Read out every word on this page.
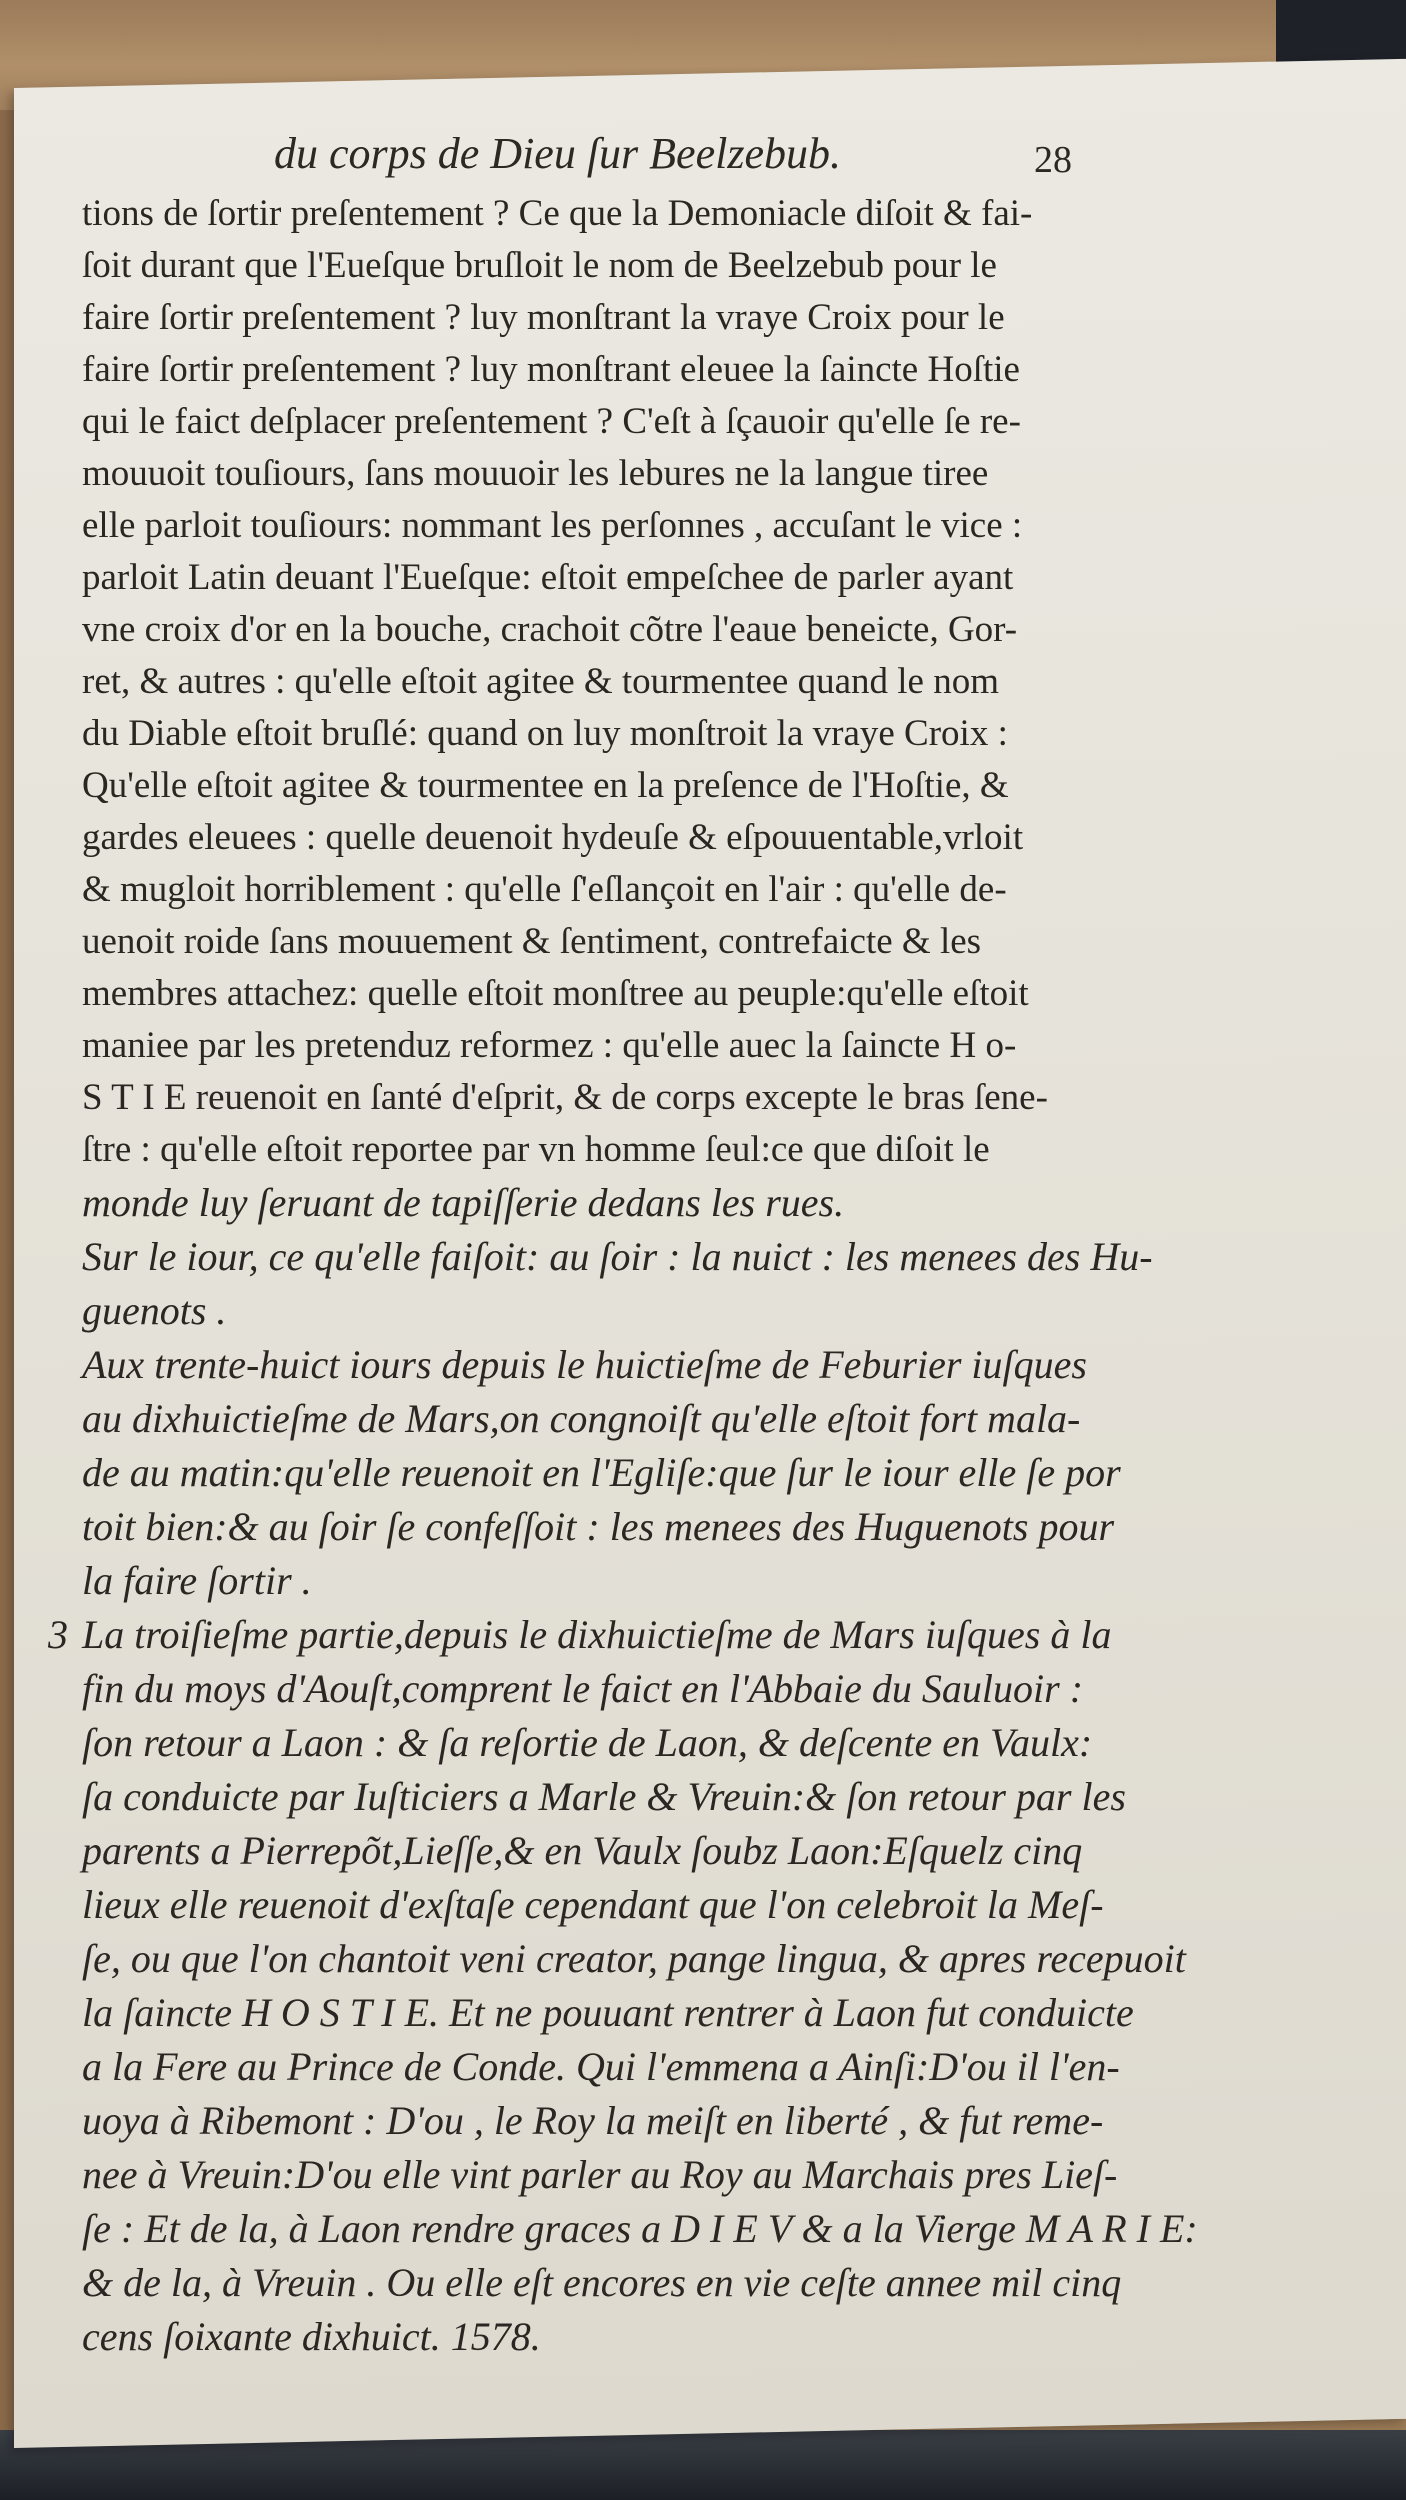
du corps de Dieu ſur Beelzebub.	28
tions de ſortir preſentement ? Ce que la Demoniacle diſoit & fai-
ſoit durant que l'Eueſque bruſloit le nom de Beelzebub pour le
faire ſortir preſentement ? luy monſtrant la vraye Croix pour le
faire ſortir preſentement ? luy monſtrant eleuee la ſaincte Hoſtie
qui le faict deſplacer preſentement ? C'eſt à ſçauoir qu'elle ſe re-
mouuoit touſiours, ſans mouuoir les lebures ne la langue tiree
elle parloit touſiours: nommant les perſonnes , accuſant le vice :
parloit Latin deuant l'Eueſque: eſtoit empeſchee de parler ayant
vne croix d'or en la bouche, crachoit cõtre l'eaue beneicte, Gor-
ret, & autres : qu'elle eſtoit agitee & tourmentee quand le nom
du Diable eſtoit bruſlé: quand on luy monſtroit la vraye Croix :
Qu'elle eſtoit agitee & tourmentee en la preſence de l'Hoſtie, &
gardes eleuees : quelle deuenoit hydeuſe & eſpouuentable,vrloit
& mugloit horriblement : qu'elle ſ'eſlançoit en l'air : qu'elle de-
uenoit roide ſans mouuement & ſentiment, contrefaicte & les
membres attachez: quelle eſtoit monſtree au peuple:qu'elle eſtoit
maniee par les pretenduz reformez : qu'elle auec la ſaincte H o-
S T I E reuenoit en ſanté d'eſprit, & de corps excepte le bras ſene-
ſtre : qu'elle eſtoit reportee par vn homme ſeul:ce que diſoit le
monde luy ſeruant de tapiſſerie dedans les rues.
Sur le iour, ce qu'elle faiſoit: au ſoir : la nuict : les menees des Hu-
guenots .
Aux trente-huict iours depuis le huictieſme de Feburier iuſques
au dixhuictieſme de Mars,on congnoiſt qu'elle eſtoit fort mala-
de au matin:qu'elle reuenoit en l'Egliſe:que ſur le iour elle ſe por
toit bien:& au ſoir ſe confeſſoit : les menees des Huguenots pour
la faire ſortir .
3 La troiſieſme partie,depuis le dixhuictieſme de Mars iuſques à la
fin du moys d'Aouſt,comprent le faict en l'Abbaie du Sauluoir :
ſon retour a Laon : & ſa reſortie de Laon, & deſcente en Vaulx:
ſa conduicte par Iuſticiers a Marle & Vreuin:& ſon retour par les
parents a Pierrepõt,Lieſſe,& en Vaulx ſoubz Laon:Eſquelz cinq
lieux elle reuenoit d'exſtaſe cependant que l'on celebroit la Meſ-
ſe, ou que l'on chantoit veni creator, pange lingua, & apres recepuoit
la ſaincte H O S T I E. Et ne pouuant rentrer à Laon fut conduicte
a la Fere au Prince de Conde. Qui l'emmena a Ainſi:D'ou il l'en-
uoya à Ribemont : D'ou , le Roy la meiſt en liberté , & fut reme-
nee à Vreuin:D'ou elle vint parler au Roy au Marchais pres Lieſ-
ſe : Et de la, à Laon rendre graces a D I E V & a la Vierge M A R I E:
& de la, à Vreuin . Ou elle eſt encores en vie ceſte annee mil cinq
cens ſoixante dixhuict. 1578.
